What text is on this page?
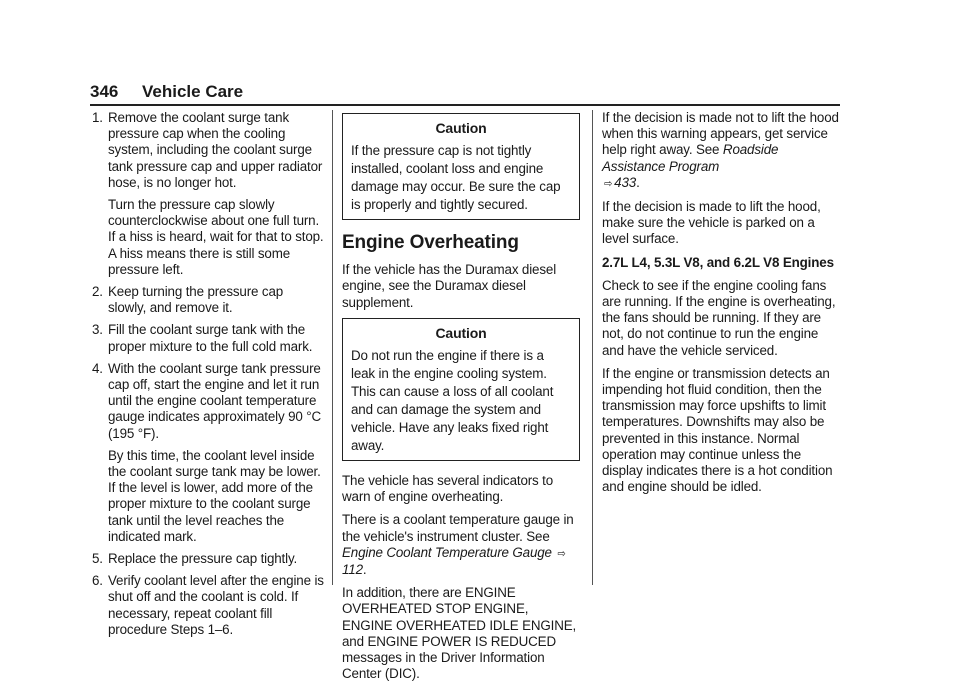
346 Vehicle Care
1. Remove the coolant surge tank pressure cap when the cooling system, including the coolant surge tank pressure cap and upper radiator hose, is no longer hot.

Turn the pressure cap slowly counterclockwise about one full turn. If a hiss is heard, wait for that to stop. A hiss means there is still some pressure left.

2. Keep turning the pressure cap slowly, and remove it.

3. Fill the coolant surge tank with the proper mixture to the full cold mark.

4. With the coolant surge tank pressure cap off, start the engine and let it run until the engine coolant temperature gauge indicates approximately 90 °C (195 °F).

By this time, the coolant level inside the coolant surge tank may be lower. If the level is lower, add more of the proper mixture to the coolant surge tank until the level reaches the indicated mark.

5. Replace the pressure cap tightly.

6. Verify coolant level after the engine is shut off and the coolant is cold. If necessary, repeat coolant fill procedure Steps 1–6.

Caution

If the pressure cap is not tightly installed, coolant loss and engine damage may occur. Be sure the cap is properly and tightly secured.

Engine Overheating

If the vehicle has the Duramax diesel engine, see the Duramax diesel supplement.

Caution

Do not run the engine if there is a leak in the engine cooling system. This can cause a loss of all coolant and can damage the system and vehicle. Have any leaks fixed right away.

The vehicle has several indicators to warn of engine overheating.

There is a coolant temperature gauge in the vehicle's instrument cluster. See Engine Coolant Temperature Gauge ⇨112.

In addition, there are ENGINE OVERHEATED STOP ENGINE, ENGINE OVERHEATED IDLE ENGINE, and ENGINE POWER IS REDUCED messages in the Driver Information Center (DIC).

If the decision is made not to lift the hood when this warning appears, get service help right away. See Roadside Assistance Program
⇨ 433.

If the decision is made to lift the hood, make sure the vehicle is parked on a level surface.

2.7L L4, 5.3L V8, and 6.2L V8 Engines

Check to see if the engine cooling fans are running. If the engine is overheating, the fans should be running. If they are not, do not continue to run the engine and have the vehicle serviced.

If the engine or transmission detects an impending hot fluid condition, then the transmission may force upshifts to limit temperatures. Downshifts may also be prevented in this instance. Normal operation may continue unless the display indicates there is a hot condition and engine should be idled.
